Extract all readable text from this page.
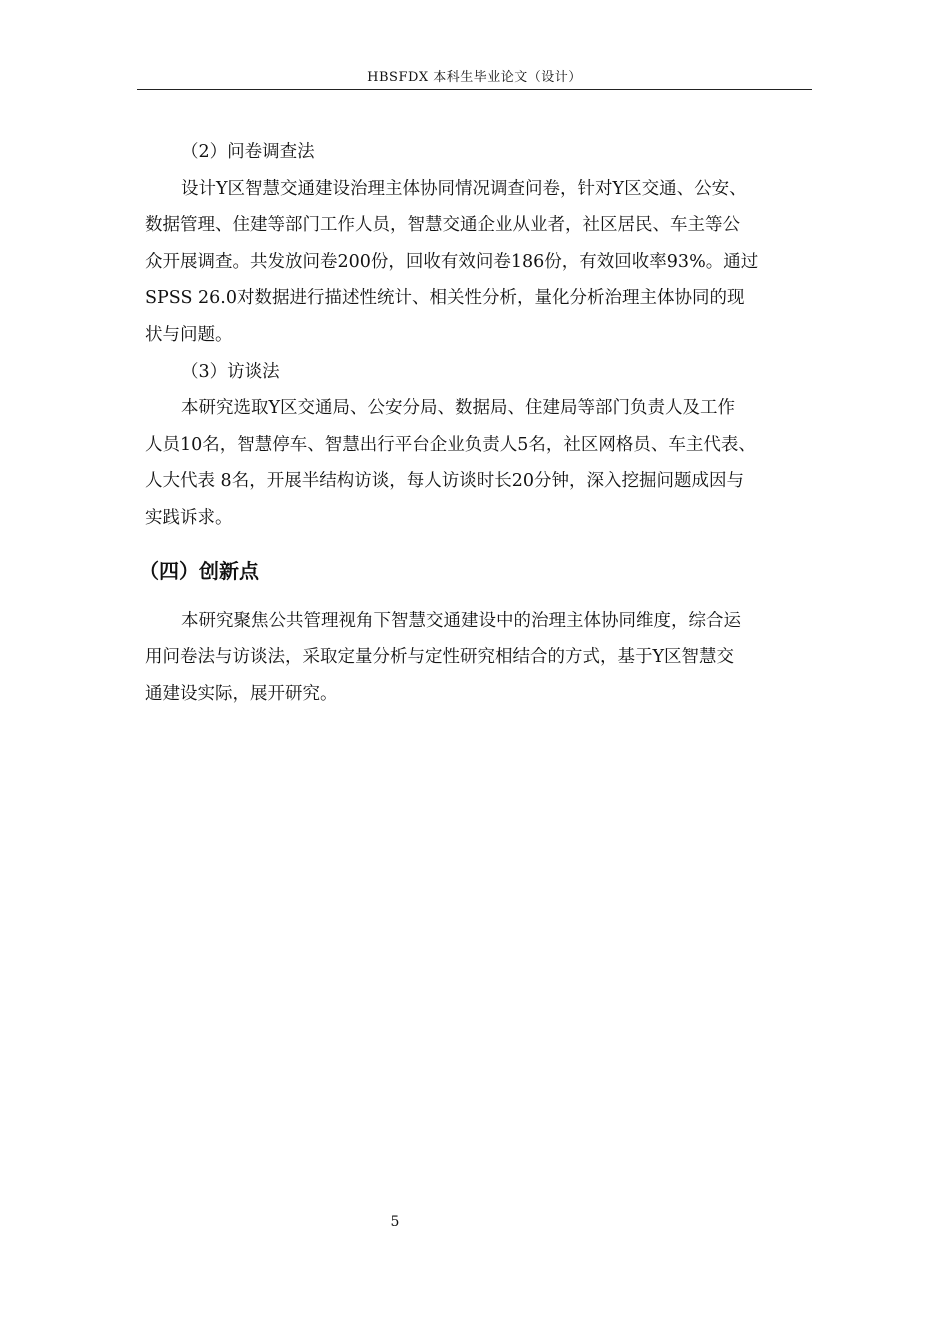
HBSFDX 本科生毕业论文（设计）
（2）问卷调查法
设计Y区智慧交通建设治理主体协同情况调查问卷，针对Y区交通、公安、
数据管理、住建等部门工作人员，智慧交通企业从业者，社区居民、车主等公
众开展调查。共发放问卷200份，回收有效问卷186份，有效回收率93%。通过
SPSS 26.0对数据进行描述性统计、相关性分析，量化分析治理主体协同的现
状与问题。
（3）访谈法
本研究选取Y区交通局、公安分局、数据局、住建局等部门负责人及工作
人员10名，智慧停车、智慧出行平台企业负责人5名，社区网格员、车主代表、
人大代表 8名，开展半结构访谈，每人访谈时长20分钟，深入挖掘问题成因与
实践诉求。
（四）创新点
本研究聚焦公共管理视角下智慧交通建设中的治理主体协同维度，综合运
用问卷法与访谈法，采取定量分析与定性研究相结合的方式，基于Y区智慧交
通建设实际，展开研究。
5
